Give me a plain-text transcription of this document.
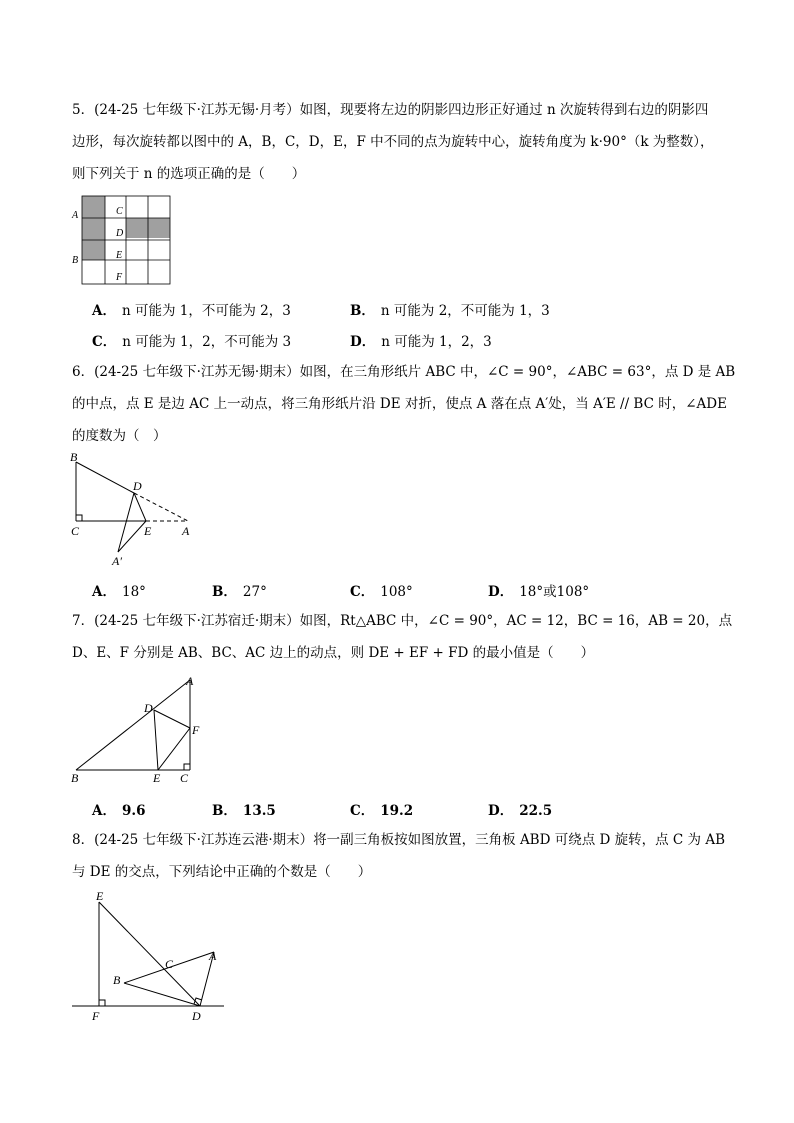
5．(24-25 七年级下·江苏无锡·月考）如图，现要将左边的阴影四边形正好通过 n 次旋转得到右边的阴影四
边形，每次旋转都以图中的 A，B，C，D，E，F 中不同的点为旋转中心，旋转角度为 k·90°（k 为整数），
则下列关于 n 的选项正确的是（　　）
A
B
C
D
E
F
A． n 可能为 1，不可能为 2，3	B． n 可能为 2，不可能为 1，3
C． n 可能为 1，2，不可能为 3	D． n 可能为 1，2，3
6．(24-25 七年级下·江苏无锡·期末）如图，在三角形纸片 ABC 中，∠C = 90°，∠ABC = 63°，点 D 是 AB
的中点，点 E 是边 AC 上一动点，将三角形纸片沿 DE 对折，使点 A 落在点 A′处，当 A′E // BC 时，∠ADE
的度数为（　）
B
D
C	E	A
A′
A． 18°	B． 27°	C． 108°	D． 18°或108°
7．(24-25 七年级下·江苏宿迁·期末）如图，Rt△ABC 中，∠C = 90°，AC = 12，BC = 16，AB = 20，点
D、E、F 分别是 AB、BC、AC 边上的动点，则 DE + EF + FD 的最小值是（　　）
A
D
F
B	E C
A． 9.6	B． 13.5	C． 19.2	D． 22.5
8．(24-25 七年级下·江苏连云港·期末）将一副三角板按如图放置，三角板 ABD 可绕点 D 旋转，点 C 为 AB
与 DE 的交点，下列结论中正确的个数是（　　）
E
C
A
B
F	D
